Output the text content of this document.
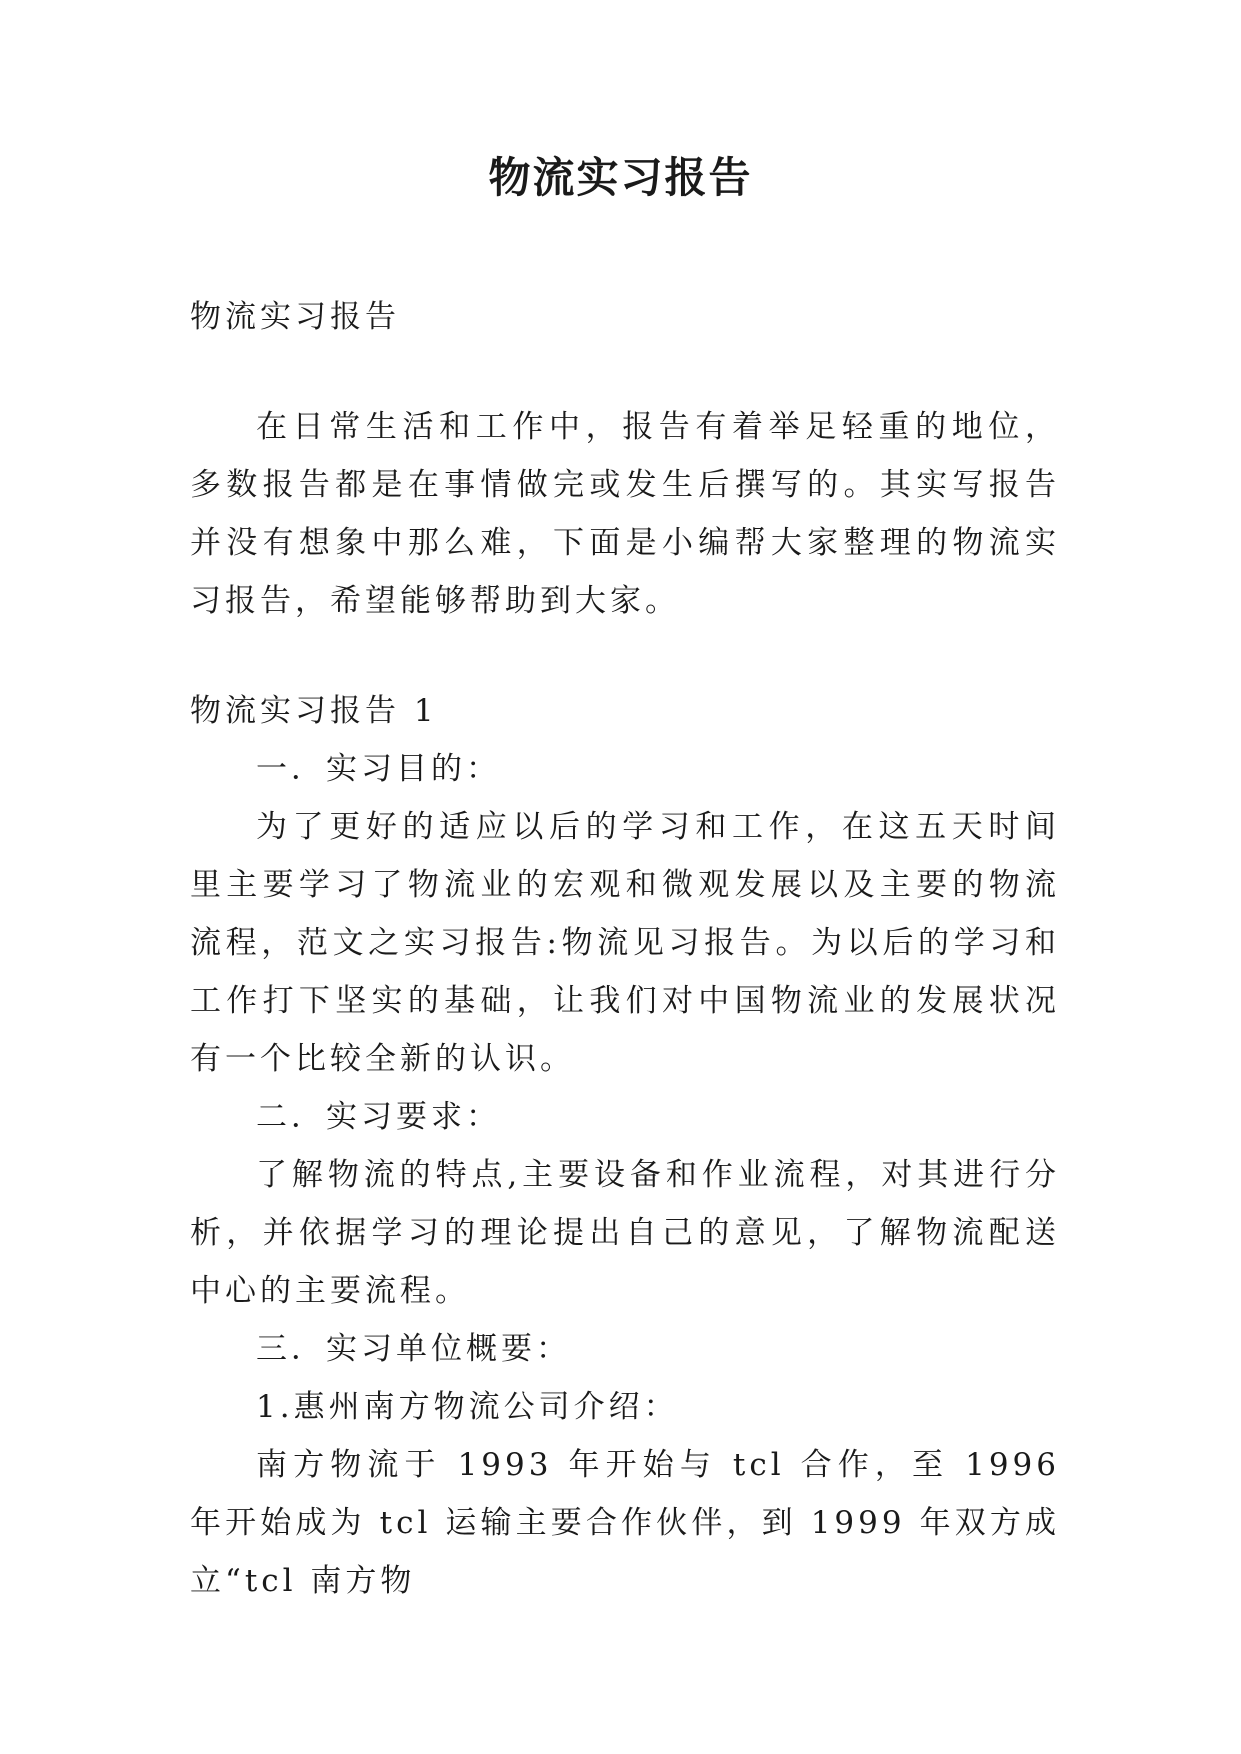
物流实习报告

物流实习报告

在日常生活和工作中，报告有着举足轻重的地位，多数报告都是在事情做完或发生后撰写的。其实写报告并没有想象中那么难，下面是小编帮大家整理的物流实习报告，希望能够帮助到大家。

物流实习报告 1

一．实习目的：

为了更好的适应以后的学习和工作，在这五天时间里主要学习了物流业的宏观和微观发展以及主要的物流流程，范文之实习报告:物流见习报告。为以后的学习和工作打下坚实的基础，让我们对中国物流业的发展状况有一个比较全新的认识。

二．实习要求：

了解物流的特点,主要设备和作业流程，对其进行分析，并依据学习的理论提出自己的意见，了解物流配送中心的主要流程。

三．实习单位概要：

1.惠州南方物流公司介绍：

南方物流于 1993 年开始与 tcl 合作，至 1996 年开始成为 tcl 运输主要合作伙伴，到 1999 年双方成立“tcl 南方物
